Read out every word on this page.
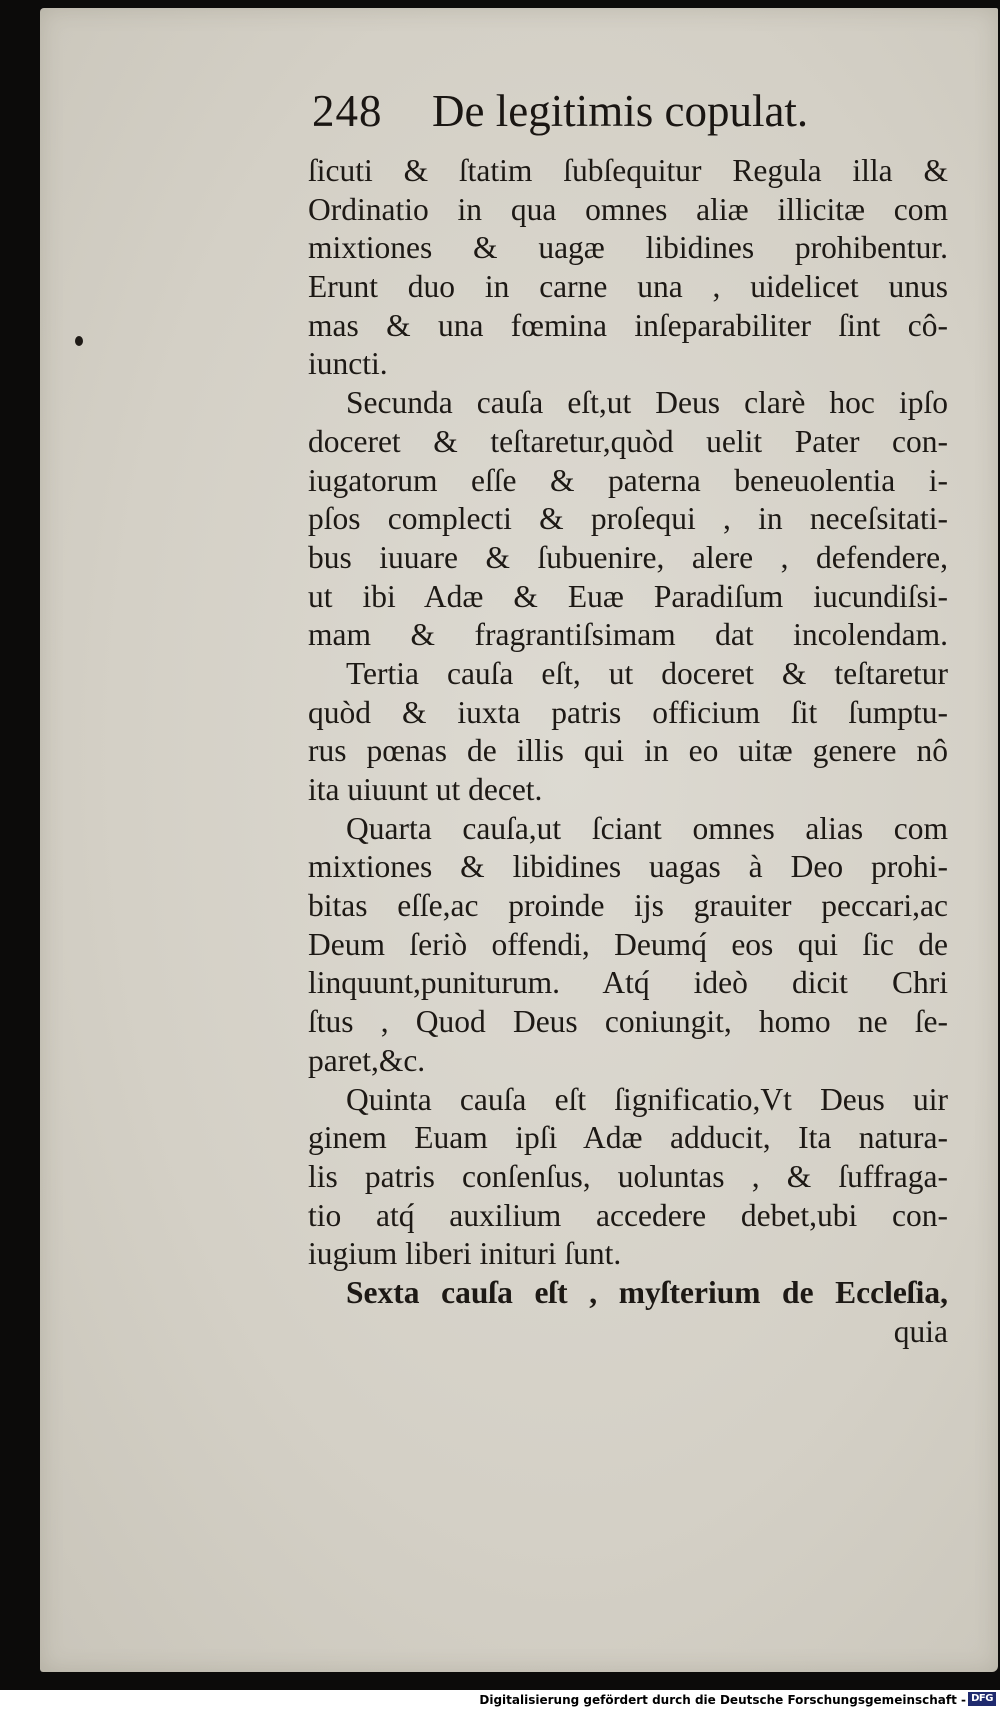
248 De legitimis copulat.
ſicuti & ſtatim ſubſequitur Regula illa &
Ordinatio in qua omnes aliæ illicitæ com
mixtiones & uagæ libidines prohibentur.
Erunt duo in carne una , uidelicet unus
mas & una fœmina inſeparabiliter ſint cô-
iuncti.
Secunda cauſa eſt,ut Deus clarè hoc ipſo
doceret & teſtaretur,quòd uelit Pater con-
iugatorum eſſe & paterna beneuolentia i-
pſos complecti & proſequi , in neceſsitati-
bus iuuare & ſubuenire, alere , defendere,
ut ibi Adæ & Euæ Paradiſum iucundiſsi-
mam & fragrantiſsimam dat incolendam.
Tertia cauſa eſt, ut doceret & teſtaretur
quòd & iuxta patris officium ſit ſumptu-
rus pœnas de illis qui in eo uitæ genere nô
ita uiuunt ut decet.
Quarta cauſa,ut ſciant omnes alias com
mixtiones & libidines uagas à Deo prohi-
bitas eſſe,ac proinde ijs grauiter peccari,ac
Deum ſeriò offendi, Deumq́ eos qui ſic de
linquunt,puniturum. Atq́ ideò dicit Chri
ſtus , Quod Deus coniungit, homo ne ſe-
paret,&c.
Quinta cauſa eſt ſignificatio,Vt Deus uir
ginem Euam ipſi Adæ adducit, Ita natura-
lis patris conſenſus, uoluntas , & ſuffraga-
tio atq́ auxilium accedere debet,ubi con-
iugium liberi inituri ſunt.
Sexta cauſa eſt , myſterium de Eccleſia,
quia
Digitalisierung gefördert durch die Deutsche Forschungsgemeinschaft - DFG
